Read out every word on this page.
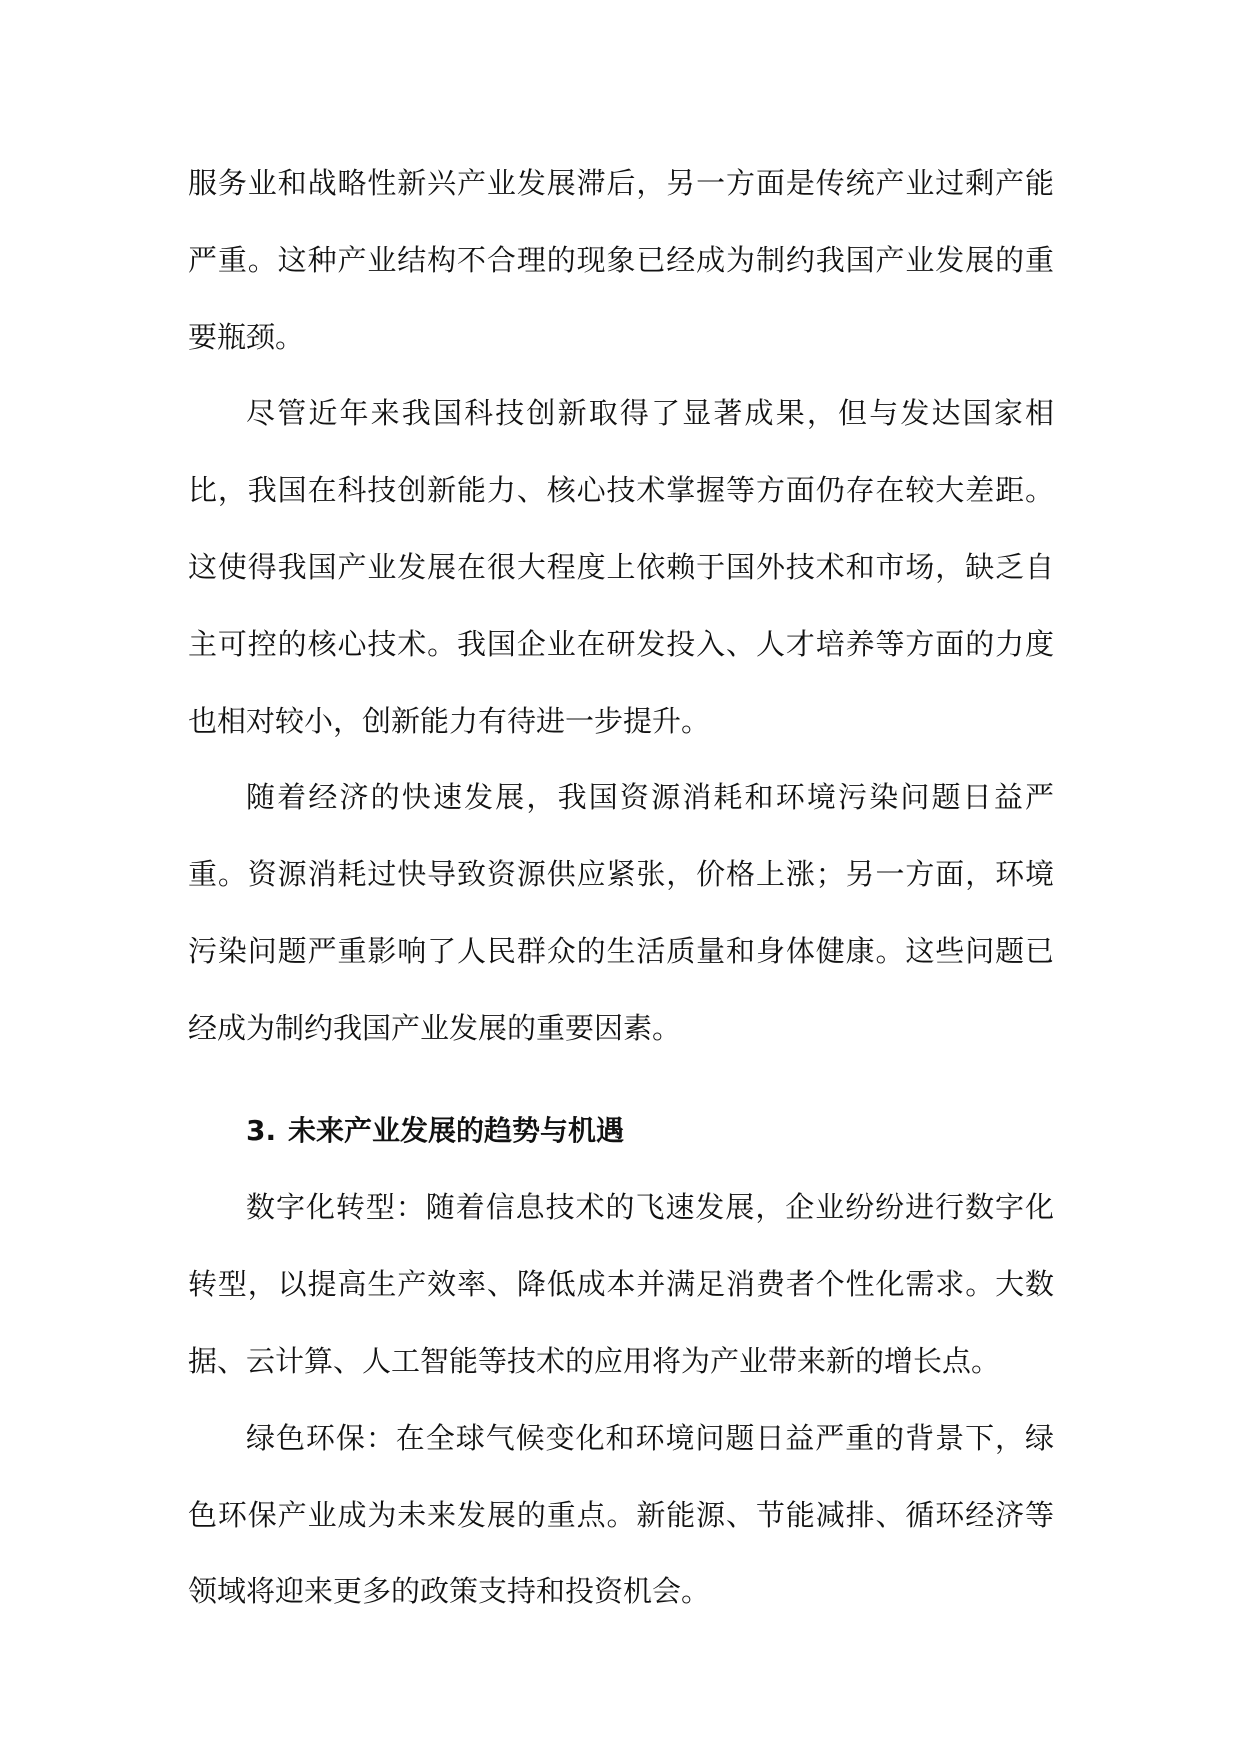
服务业和战略性新兴产业发展滞后，另一方面是传统产业过剩产能严重。这种产业结构不合理的现象已经成为制约我国产业发展的重要瓶颈。

尽管近年来我国科技创新取得了显著成果，但与发达国家相比，我国在科技创新能力、核心技术掌握等方面仍存在较大差距。这使得我国产业发展在很大程度上依赖于国外技术和市场，缺乏自主可控的核心技术。我国企业在研发投入、人才培养等方面的力度也相对较小，创新能力有待进一步提升。

随着经济的快速发展，我国资源消耗和环境污染问题日益严重。资源消耗过快导致资源供应紧张，价格上涨；另一方面，环境污染问题严重影响了人民群众的生活质量和身体健康。这些问题已经成为制约我国产业发展的重要因素。

3. 未来产业发展的趋势与机遇

数字化转型：随着信息技术的飞速发展，企业纷纷进行数字化转型，以提高生产效率、降低成本并满足消费者个性化需求。大数据、云计算、人工智能等技术的应用将为产业带来新的增长点。

绿色环保：在全球气候变化和环境问题日益严重的背景下，绿色环保产业成为未来发展的重点。新能源、节能减排、循环经济等领域将迎来更多的政策支持和投资机会。
